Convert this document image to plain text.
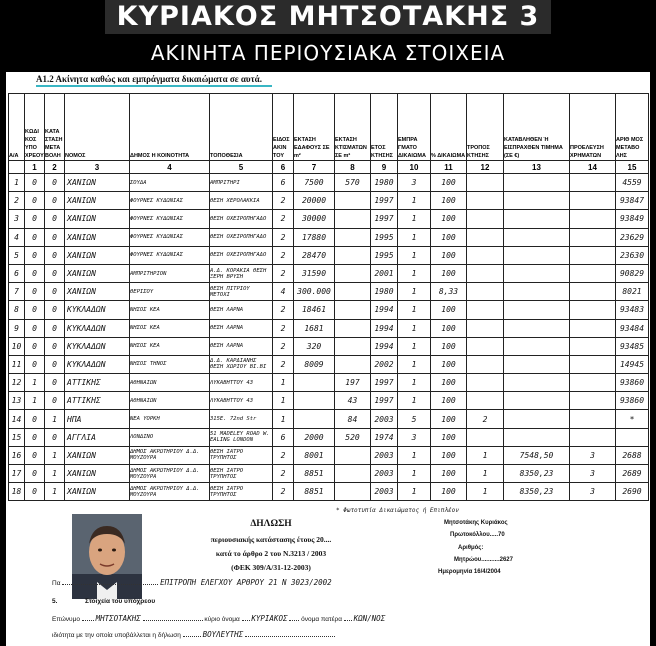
ΚΥΡΙΑΚΟΣ ΜΗΤΣΟΤΑΚΗΣ 3
ΑΚΙΝΗΤΑ ΠΕΡΙΟΥΣΙΑΚΑ ΣΤΟΙΧΕΙΑ
Α1.2 Ακίνητα καθώς και εμπράγματα δικαιώματα σε αυτά.
Α/Α	ΚΩΔΙ ΚΟΣ ΥΠΟ ΧΡΕΟΥ	ΚΑΤΑ ΣΤΑΣΗ ΜΕΤΑ ΒΟΛΗ	ΝΟΜΟΣ	ΔΗΜΟΣ Η ΚΟΙΝΟΤΗΤΑ	ΤΟΠΟΘΕΣΙΑ	ΕΙΔΟΣ ΑΚΙΝ ΤΟΥ	ΕΚΤΑΣΗ ΕΔΑΦΟΥΣ ΣΕ m²	ΕΚΤΑΣΗ ΚΤΙΣΜΑΤΩΝ ΣΕ m²	ΕΤΟΣ ΚΤΗΣΗΣ	ΕΜΠΡΑ ΓΜΑΤΟ ΔΙΚΑΙΩΜΑ	% ΔΙΚΑΙΩΜΑ	ΤΡΟΠΟΣ ΚΤΗΣΗΣ	ΚΑΤΑΒΛΗΘΕΝ Ή ΕΙΣΠΡΑΧΘΕΝ ΤΙΜΗΜΑ (ΣΕ €)	ΠΡΟΕΛΕΥΣΗ ΧΡΗΜΑΤΩΝ	ΑΡΙΘ ΜΟΣ ΜΕΤΑΒΟ ΛΗΣ
	1	2	3	4	5	6	7	8	9	10	11	12	13	14	15
1	0	0	ΧΑΝΙΩΝ	ΣΟΥΔΑ	ΑΜΠΡΙΤΗΡΙ	6	7500	570	1980	3	100				4559
2	0	0	ΧΑΝΙΩΝ	ΦΟΥΡΝΕΣ ΚΥΔΩΝΙΑΣ	ΘΕΣΗ ΧΕΡΟΛΑΚΚΙΑ	2	20000		1997	1	100				93847
3	0	0	ΧΑΝΙΩΝ	ΦΟΥΡΝΕΣ ΚΥΔΩΝΙΑΣ	ΘΕΣΗ ΟΧΕΙΡΟΠΗΓΑΔΟ	2	30000		1997	1	100				93849
4	0	0	ΧΑΝΙΩΝ	ΦΟΥΡΝΕΣ ΚΥΔΩΝΙΑΣ	ΘΕΣΗ ΟΧΕΙΡΟΠΗΓΑΔΟ	2	17880		1995	1	100				23629
5	0	0	ΧΑΝΙΩΝ	ΦΟΥΡΝΕΣ ΚΥΔΩΝΙΑΣ	ΘΕΣΗ ΟΧΕΙΡΟΠΗΓΑΔΟ	2	28470		1995	1	100				23630
6	0	0	ΧΑΝΙΩΝ	ΑΜΠΡΙΤΗΡΙΟΝ	Α.Δ. ΚΟΡΑΚΙΑ ΘΕΣΗ ΞΕΡΗ ΒΡΥΣΗ	2	31590		2001	1	100				90829
7	0	0	ΧΑΝΙΩΝ	ΘΕΡΙΣΟΥ	ΘΕΣΗ ΠΙΤΡΙΟΥ ΜΕΤΟΧΙ	4	300.000		1980	1	8,33				8021
8	0	0	ΚΥΚΛΑΔΩΝ	ΝΗΣΟΣ ΚΕΑ	ΘΕΣΗ ΛΑΡΝΑ	2	18461		1994	1	100				93483
9	0	0	ΚΥΚΛΑΔΩΝ	ΝΗΣΟΣ ΚΕΑ	ΘΕΣΗ ΛΑΡΝΑ	2	1681		1994	1	100				93484
10	0	0	ΚΥΚΛΑΔΩΝ	ΝΗΣΟΣ ΚΕΑ	ΘΕΣΗ ΛΑΡΝΑ	2	320		1994	1	100				93485
11	0	0	ΚΥΚΛΑΔΩΝ	ΝΗΣΟΣ ΤΗΝΟΣ	Δ.Δ. ΚΑΡΔΙΑΝΗΣ ΘΕΣΗ ΧΩΡΙΟΥ ΒΙ.ΒΙ	2	8009		2002	1	100				14945
12	1	0	ΑΤΤΙΚΗΣ	ΑΘΗΝΑΙΩΝ	ΛΥΚΑΒΗΤΤΟΥ 43	1		197	1997	1	100				93860
13	1	0	ΑΤΤΙΚΗΣ	ΑΘΗΝΑΙΩΝ	ΛΥΚΑΒΗΤΤΟΥ 43	1		43	1997	1	100				93860
14	0	1	ΗΠΑ	ΝΕΑ ΥΟΡΚΗ	315E. 72nd Str	1		84	2003	5	100	2			*
15	0	0	ΑΓΓΛΙΑ	ΛΟΝΔΙΝΟ	51 MADELEY ROAD W. EALING LONDON	6	2000	520	1974	3	100				
16	0	1	ΧΑΝΙΩΝ	ΔΗΜΟΣ ΑΚΡΩΤΗΡΙΟΥ Δ.Δ. ΜΟΥΖΟΥΡΑ	ΘΕΣΗ ΙΑΤΡΟ ΤΡΥΠΗΤΟΣ	2	8001		2003	1	100	1	7548,50	3	2688
17	0	1	ΧΑΝΙΩΝ	ΔΗΜΟΣ ΑΚΡΩΤΗΡΙΟΥ Δ.Δ. ΜΟΥΖΟΥΡΑ	ΘΕΣΗ ΙΑΤΡΟ ΤΡΥΠΗΤΟΣ	2	8851		2003	1	100	1	8350,23	3	2689
18	0	1	ΧΑΝΙΩΝ	ΔΗΜΟΣ ΑΚΡΩΤΗΡΙΟΥ Δ.Δ. ΜΟΥΖΟΥΡΑ	ΘΕΣΗ ΙΑΤΡΟ ΤΡΥΠΗΤΟΣ	2	8851		2003	1	100	1	8350,23	3	2690
* Φωτοτυπία Δικαιώματος ή Επιπλέον
ΔΗΛΩΣΗ
περιουσιακής κατάστασης έτους 20....
κατά το άρθρο 2 του Ν.3213 / 2003
(ΦΕΚ 309/Α/31-12-2003)
Μητσοτάκης Κυριάκος
Πρωτοκόλλου.....70
Αριθμός:
Μητρώου...........2627
Ημερομηνία 16/4/2004
Πα	ΕΠΙΤΡΟΠΗ ΕΛΕΓΧΟΥ ΑΡΘΡΟΥ 21 Ν 3023/2002
5.	Στοιχεία του υπόχρεου
Επώνυμο ΜΗΤΣΟΤΑΚΗΣ	κύριο όνομα ΚΥΡΙΑΚΟΣ όνομα πατέρα ΚΩΝ/ΝΟΣ
ιδιότητα με την οποία υποβάλλεται η δήλωση	ΒΟΥΛΕΥΤΗΣ
